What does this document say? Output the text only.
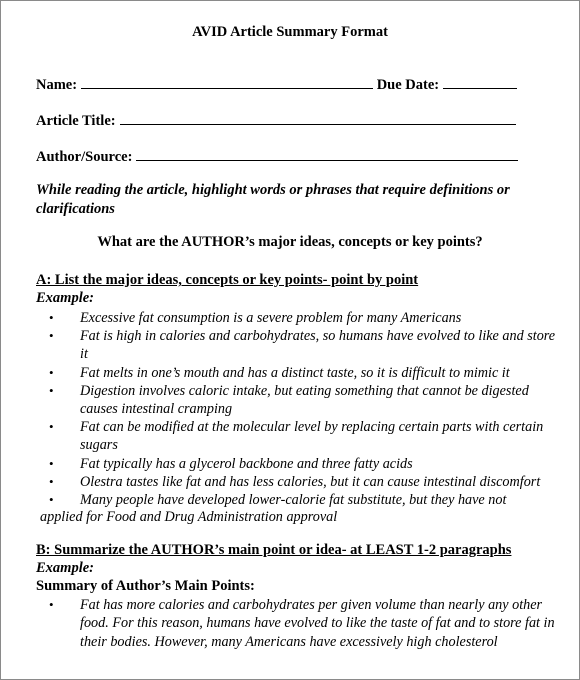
AVID Article Summary Format
Name:	Due Date:
Article Title:
Author/Source:
While reading the article, highlight words or phrases that require definitions or clarifications
What are the AUTHOR’s major ideas, concepts or key points?
A: List the major ideas, concepts or key points- point by point
Example:
• Excessive fat consumption is a severe problem for many Americans
• Fat is high in calories and carbohydrates, so humans have evolved to like and store it
• Fat melts in one’s mouth and has a distinct taste, so it is difficult to mimic it
• Digestion involves caloric intake, but eating something that cannot be digested causes intestinal cramping
• Fat can be modified at the molecular level by replacing certain parts with certain sugars
• Fat typically has a glycerol backbone and three fatty acids
• Olestra tastes like fat and has less calories, but it can cause intestinal discomfort
• Many people have developed lower-calorie fat substitute, but they have not
applied for Food and Drug Administration approval
B: Summarize the AUTHOR’s main point or idea- at LEAST 1-2 paragraphs
Example:
Summary of Author’s Main Points:
• Fat has more calories and carbohydrates per given volume than nearly any other food. For this reason, humans have evolved to like the taste of fat and to store fat in their bodies. However, many Americans have excessively high cholesterol
